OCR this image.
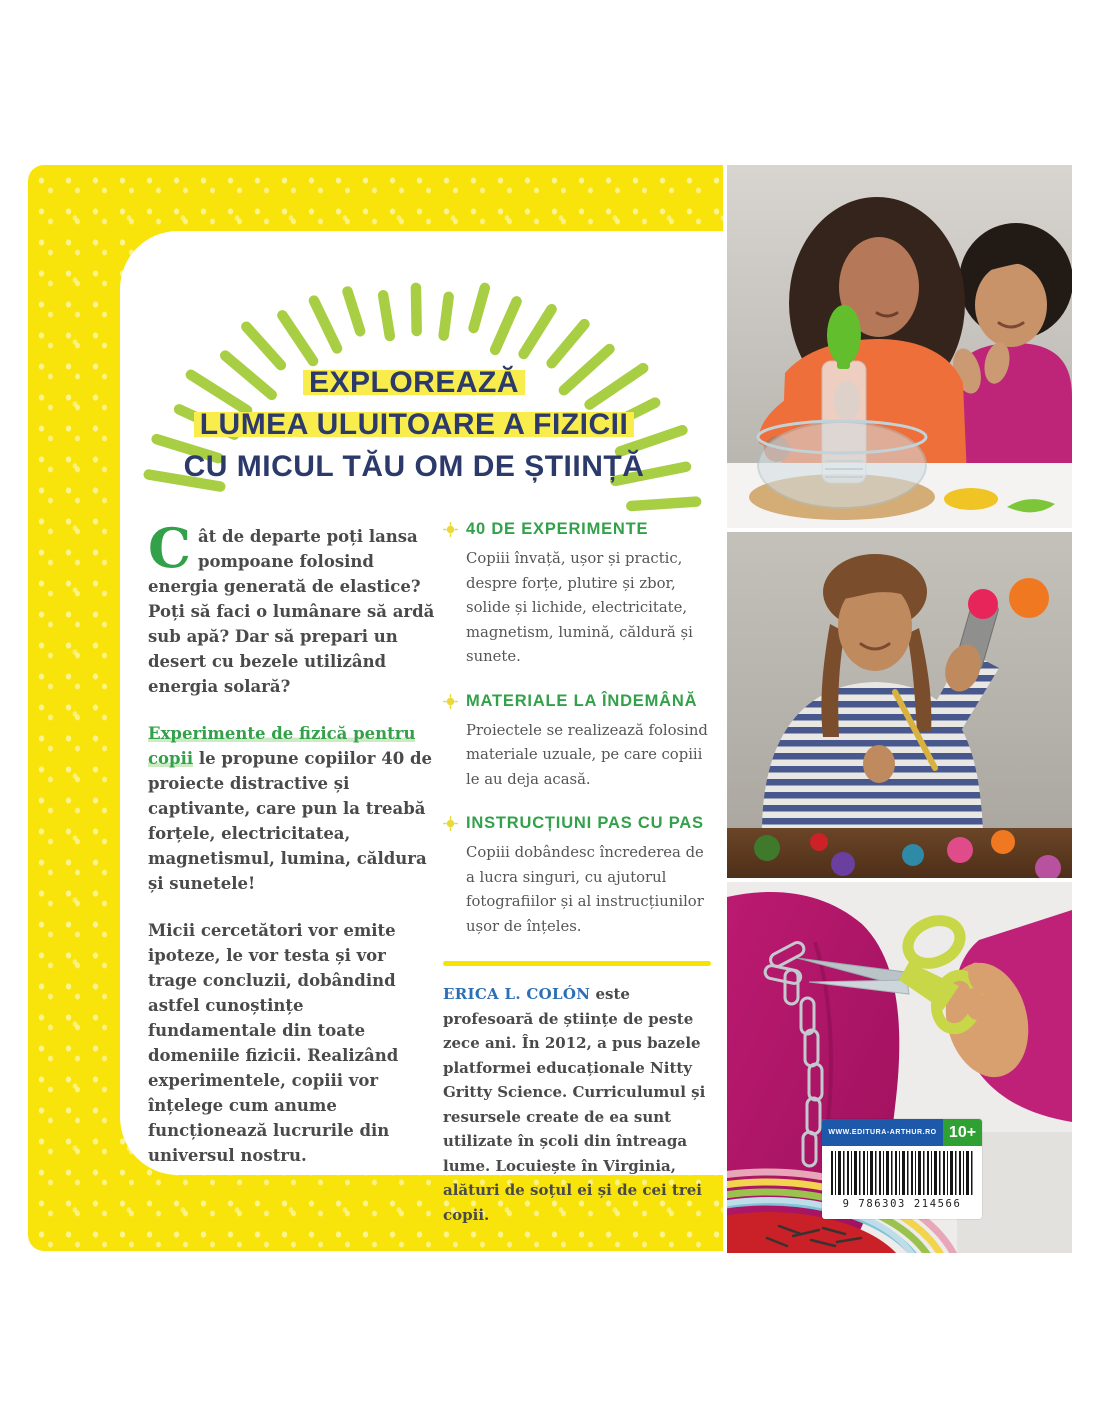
EXPLOREAZĂ
LUMEA ULUITOARE A FIZICII
CU MICUL TĂU OM DE ȘTIINȚĂ

Cât de departe poți lansa pompoane folosind energia generată de elastice? Poți să faci o lumânare să ardă sub apă? Dar să prepari un desert cu bezele utilizând energia solară?

Experimente de fizică pentru copii le propune copiilor 40 de proiecte distractive și captivante, care pun la treabă forțele, electricitatea, magnetismul, lumina, căldura și sunetele!

Micii cercetători vor emite ipoteze, le vor testa și vor trage concluzii, dobândind astfel cunoștințe fundamentale din toate domeniile fizicii. Realizând experimentele, copiii vor înțelege cum anume funcționează lucrurile din universul nostru.

40 DE EXPERIMENTE
Copiii învață, ușor și practic, despre forțe, plutire și zbor, solide și lichide, electricitate, magnetism, lumină, căldură și sunete.
MATERIALE LA ÎNDEMÂNĂ
Proiectele se realizează folosind materiale uzuale, pe care copiii le au deja acasă.
INSTRUCȚIUNI PAS CU PAS
Copiii dobândesc încrederea de a lucra singuri, cu ajutorul fotografiilor și al instrucțiunilor ușor de înțeles.

ERICA L. COLÓN este profesoară de științe de peste zece ani. În 2012, a pus bazele platformei educaționale Nitty Gritty Science. Curriculumul și resursele create de ea sunt utilizate în școli din întreaga lume. Locuiește în Virginia, alături de soțul ei și de cei trei copii.

WWW.EDITURA-ARTHUR.RO 10+
9 786303 214566
